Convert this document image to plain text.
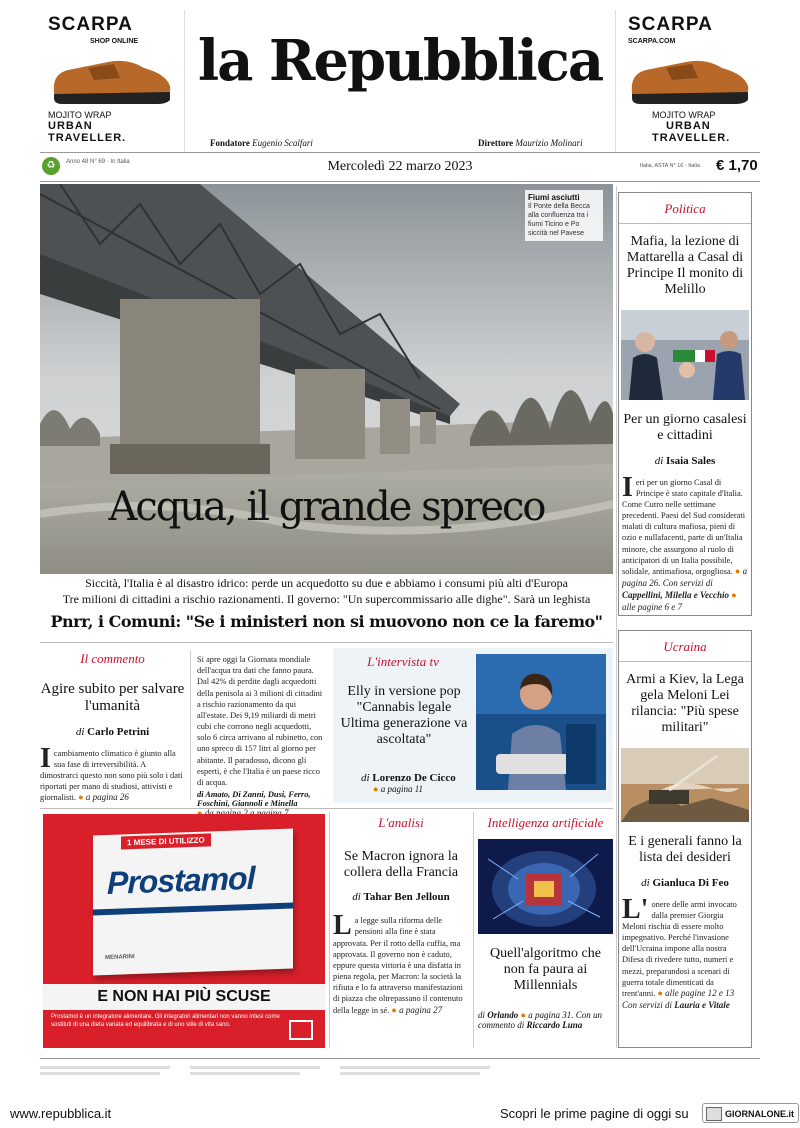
SCARPA
SHOP ONLINE
MOJITO WRAP
URBAN
TRAVELLER.
la Repubblica
Fondatore Eugenio Scalfari	Direttore Maurizio Molinari
SCARPA
SCARPA.COM
MOJITO WRAP
URBAN
TRAVELLER.
♻	Anno 48 N° 69 · In Italia	Mercoledì 22 marzo 2023	Italia, ASTA N° 16 · Italia € 1,70
Fiumi asciutti
Il Ponte della Becca alla confluenza tra i fiumi Ticino e Po siccità nel Pavese
Acqua, il grande spreco
Siccità, l'Italia è al disastro idrico: perde un acquedotto su due e abbiamo i consumi più alti d'Europa
Tre milioni di cittadini a rischio razionamenti. Il governo: "Un supercommissario alle dighe". Sarà un leghista
Pnrr, i Comuni: "Se i ministeri non si muovono non ce la faremo"
Il commento
Agire subito per salvare l'umanità
di Carlo Petrini
Icambiamento climatico è giunto alla sua fase di irreversibilità. A dimostrarci questo non sono più solo i dati riportati per mano di studiosi, attivisti e giornalisti. ● a pagina 26
Si apre oggi la Giornata mondiale dell'acqua tra dati che fanno paura. Dal 42% di perdite dagli acquedotti della penisola ai 3 milioni di cittadini a rischio razionamento da qui all'estate. Dei 9,19 miliardi di metri cubi che corrono negli acquedotti, solo 6 circa arrivano al rubinetto, con uno spreco di 157 litri al giorno per abitante. Il paradosso, dicono gli esperti, è che l'Italia è un paese ricco di acqua.
di Amato, Di Zanni, Dusi, Ferro, Foschini, Giannoli e Minella
L'intervista tv
Elly in versione pop "Cannabis legale Ultima generazione va ascoltata"
di Lorenzo De Cicco
● a pagina 11
1 MESE DI UTILIZZO
Prostamol
MENARINI
E NON HAI PIÙ SCUSE
Prostamol è un integratore alimentare. Gli integratori alimentari non vanno intesi come sostituti di una dieta variata ed equilibrata e di uno stile di vita sano.
L'analisi
Se Macron ignora la collera della Francia
di Tahar Ben Jelloun
La legge sulla riforma delle pensioni alla fine è stata approvata. Per il rotto della cuffia, ma approvata. Il governo non è caduto, eppure questa vittoria è una disfatta in piena regola, per Macron: la società la rifiuta e lo fa attraverso manifestazioni di piazza che oltrepassano il contenuto della legge in sé. ● a pagina 27
Intelligenza artificiale
Quell'algoritmo che non fa paura ai Millennials
di Orlando ● a pagina 31. Con un commento di Riccardo Luna
Politica
Mafia, la lezione di Mattarella a Casal di Principe Il monito di Melillo
Per un giorno casalesi e cittadini
di Isaia Sales
Ieri per un giorno Casal di Principe è stato capitale d'Italia. Come Cutro nelle settimane precedenti. Paesi del Sud considerati malati di cultura mafiosa, pieni di ozio e nullafacenti, parte di un'Italia minore, che assurgono al ruolo di anticipatori di un Italia possibile, solidale, antimafiosa, orgogliosa. ● a pagina 26. Con servizi di Cappellini, Milella e Vecchio ● alle pagine 6 e 7
Ucraina
Armi a Kiev, la Lega gela Meloni Lei rilancia: "Più spese militari"
E i generali fanno la lista dei desideri
di Gianluca Di Feo
L' onere delle armi invocato dalla premier Giorgia Meloni rischia di essere molto impegnativo. Perché l'invasione dell'Ucraina impone alla nostra Difesa di rivedere tutto, numeri e mezzi, preparandosi a scenari di guerra totale dimenticati da trent'anni. ● alle pagine 12 e 13 Con servizi di Lauria e Vitale
www.repubblica.it	Scopri le prime pagine di oggi su	GIORNALONE.it
